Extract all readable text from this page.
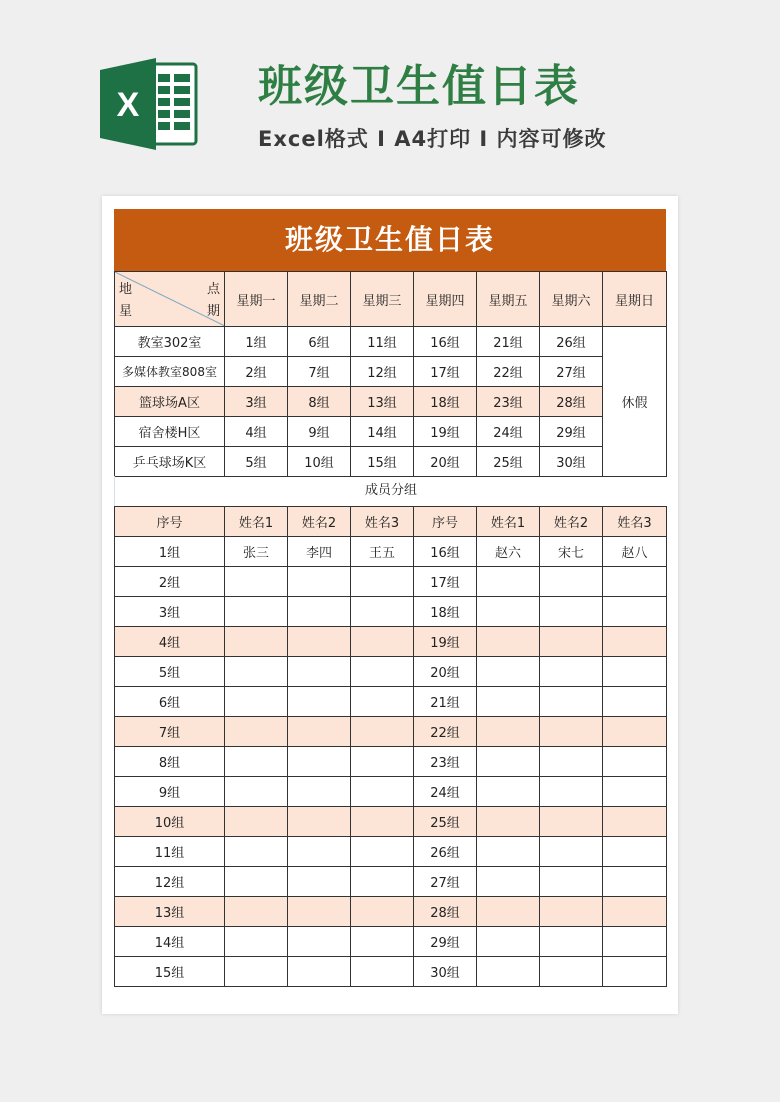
X	班级卫生值日表
Excel格式 I A4打印 I 内容可修改
班级卫生值日表
地
星
点
期	星期一	星期二	星期三	星期四	星期五	星期六	星期日
教室302室	1组	6组	11组	16组	21组	26组	休假
多媒体教室808室	2组	7组	12组	17组	22组	27组	
篮球场A区	3组	8组	13组	18组	23组	28组	
宿舍楼H区	4组	9组	14组	19组	24组	29组	
乒乓球场K区	5组	10组	15组	20组	25组	30组	
成员分组
序号	姓名1	姓名2	姓名3	序号	姓名1	姓名2	姓名3
1组	张三	李四	王五	16组	赵六	宋七	赵八
2组				17组			
3组				18组			
4组				19组			
5组				20组			
6组				21组			
7组				22组			
8组				23组			
9组				24组			
10组				25组			
11组				26组			
12组				27组			
13组				28组			
14组				29组			
15组				30组			
